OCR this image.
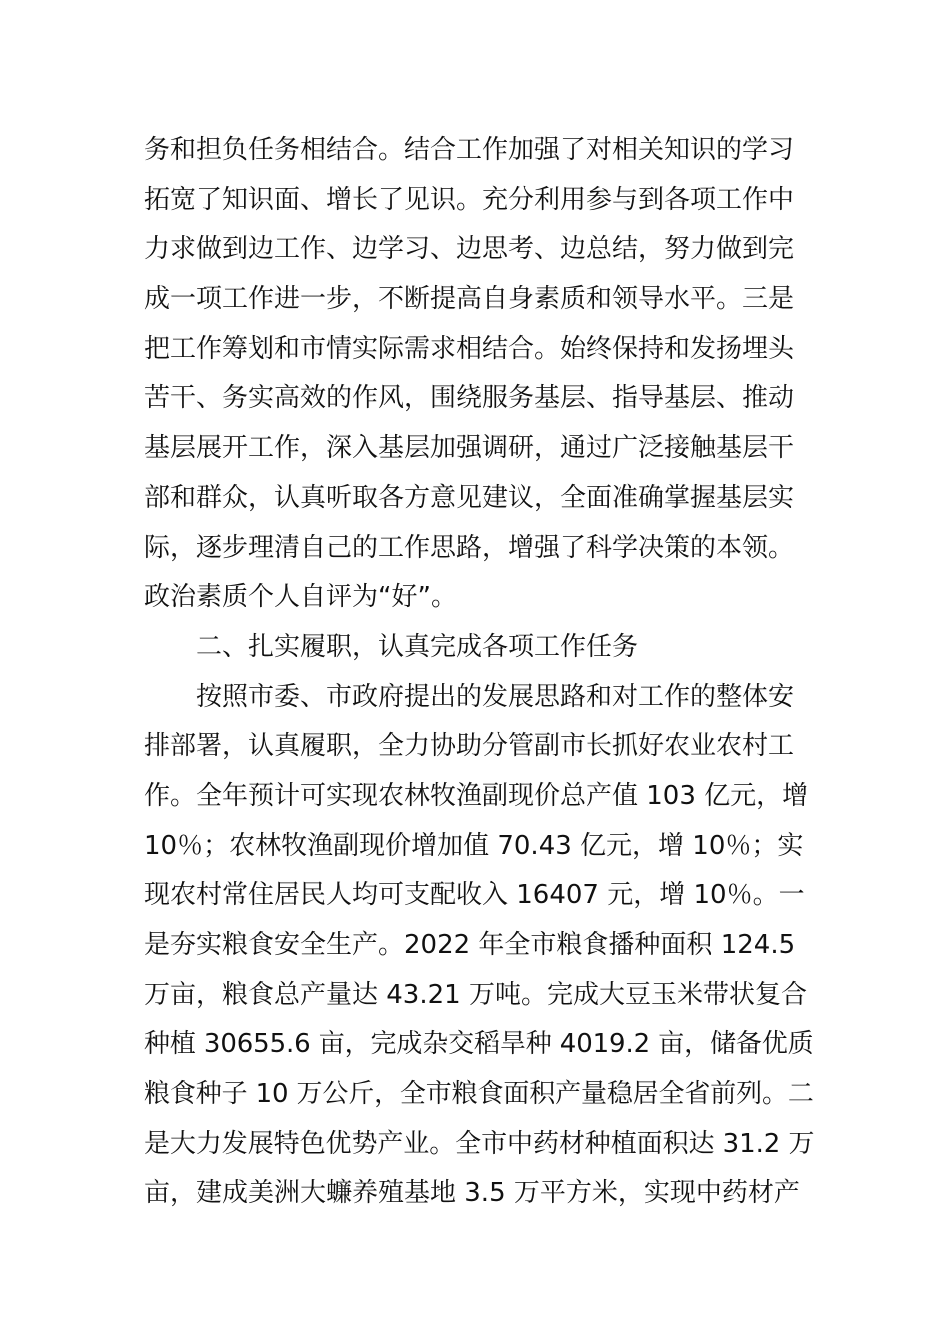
务和担负任务相结合。结合工作加强了对相关知识的学习
拓宽了知识面、增长了见识。充分利用参与到各项工作中
力求做到边工作、边学习、边思考、边总结，努力做到完
成一项工作进一步，不断提高自身素质和领导水平。三是
把工作筹划和市情实际需求相结合。始终保持和发扬埋头
苦干、务实高效的作风，围绕服务基层、指导基层、推动
基层展开工作，深入基层加强调研，通过广泛接触基层干
部和群众，认真听取各方意见建议，全面准确掌握基层实
际，逐步理清自己的工作思路，增强了科学决策的本领。
政治素质个人自评为“好”。
二、扎实履职，认真完成各项工作任务
按照市委、市政府提出的发展思路和对工作的整体安
排部署，认真履职，全力协助分管副市长抓好农业农村工
作。全年预计可实现农林牧渔副现价总产值 103 亿元，增
10％；农林牧渔副现价增加值 70.43 亿元，增 10％；实
现农村常住居民人均可支配收入 16407 元，增 10％。一
是夯实粮食安全生产。2022 年全市粮食播种面积 124.5
万亩，粮食总产量达 43.21 万吨。完成大豆玉米带状复合
种植 30655.6 亩，完成杂交稻旱种 4019.2 亩，储备优质
粮食种子 10 万公斤，全市粮食面积产量稳居全省前列。二
是大力发展特色优势产业。全市中药材种植面积达 31.2 万
亩，建成美洲大蠊养殖基地 3.5 万平方米，实现中药材产
